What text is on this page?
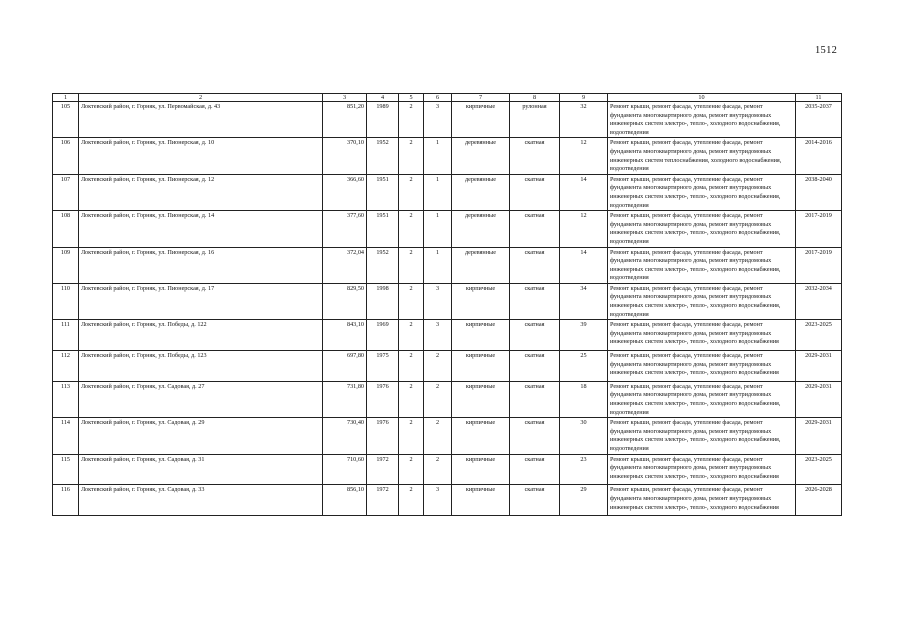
1512
1	2	3	4	5	6	7	8	9	10	11
105	Локтевский район, г. Горняк, ул. Первомайская, д. 43	851,20	1989	2	3	кирпичные	рулонная	32	Ремонт крыши, ремонт фасада, утепление фасада, ремонт фундамента многоквартирного дома, ремонт внутридомовых инженерных систем электро-, тепло-, холодного водоснабжения, водоотведения	2035-2037
106	Локтевский район, г. Горняк, ул. Пионерская, д. 10	370,10	1952	2	1	деревянные	скатная	12	Ремонт крыши, ремонт фасада, утепление фасада, ремонт фундамента многоквартирного дома, ремонт внутридомовых инженерных систем теплоснабжения, холодного водоснабжения, водоотведения	2014-2016
107	Локтевский район, г. Горняк, ул. Пионерская, д. 12	366,60	1951	2	1	деревянные	скатная	14	Ремонт крыши, ремонт фасада, утепление фасада, ремонт фундамента многоквартирного дома, ремонт внутридомовых инженерных систем электро-, тепло-, холодного водоснабжения, водоотведения	2038-2040
108	Локтевский район, г. Горняк, ул. Пионерская, д. 14	377,60	1951	2	1	деревянные	скатная	12	Ремонт крыши, ремонт фасада, утепление фасада, ремонт фундамента многоквартирного дома, ремонт внутридомовых инженерных систем электро-, тепло-, холодного водоснабжения, водоотведения	2017-2019
109	Локтевский район, г. Горняк, ул. Пионерская, д. 16	372,04	1952	2	1	деревянные	скатная	14	Ремонт крыши, ремонт фасада, утепление фасада, ремонт фундамента многоквартирного дома, ремонт внутридомовых инженерных систем электро-, тепло-, холодного водоснабжения, водоотведения	2017-2019
110	Локтевский район, г. Горняк, ул. Пионерская, д. 17	829,50	1998	2	3	кирпичные	скатная	34	Ремонт крыши, ремонт фасада, утепление фасада, ремонт фундамента многоквартирного дома, ремонт внутридомовых инженерных систем электро-, тепло-, холодного водоснабжения, водоотведения	2032-2034
111	Локтевский район, г. Горняк, ул. Победы, д. 122	843,10	1969	2	3	кирпичные	скатная	39	Ремонт крыши, ремонт фасада, утепление фасада, ремонт фундамента многоквартирного дома, ремонт внутридомовых инженерных систем электро-, тепло-, холодного водоснабжения	2023-2025
112	Локтевский район, г. Горняк, ул. Победы, д. 123	697,80	1975	2	2	кирпичные	скатная	25	Ремонт крыши, ремонт фасада, утепление фасада, ремонт фундамента многоквартирного дома, ремонт внутридомовых инженерных систем электро-, тепло-, холодного водоснабжения	2029-2031
113	Локтевский район, г. Горняк, ул. Садовая, д. 27	731,80	1976	2	2	кирпичные	скатная	18	Ремонт крыши, ремонт фасада, утепление фасада, ремонт фундамента многоквартирного дома, ремонт внутридомовых инженерных систем электро-, тепло-, холодного водоснабжения, водоотведения	2029-2031
114	Локтевский район, г. Горняк, ул. Садовая, д. 29	730,40	1976	2	2	кирпичные	скатная	30	Ремонт крыши, ремонт фасада, утепление фасада, ремонт фундамента многоквартирного дома, ремонт внутридомовых инженерных систем электро-, тепло-, холодного водоснабжения, водоотведения	2029-2031
115	Локтевский район, г. Горняк, ул. Садовая, д. 31	710,60	1972	2	2	кирпичные	скатная	23	Ремонт крыши, ремонт фасада, утепление фасада, ремонт фундамента многоквартирного дома, ремонт внутридомовых инженерных систем электро-, тепло-, холодного водоснабжения	2023-2025
116	Локтевский район, г. Горняк, ул. Садовая, д. 33	856,10	1972	2	3	кирпичные	скатная	29	Ремонт крыши, ремонт фасада, утепление фасада, ремонт фундамента многоквартирного дома, ремонт внутридомовых инженерных систем электро-, тепло-, холодного водоснабжения	2026-2028
